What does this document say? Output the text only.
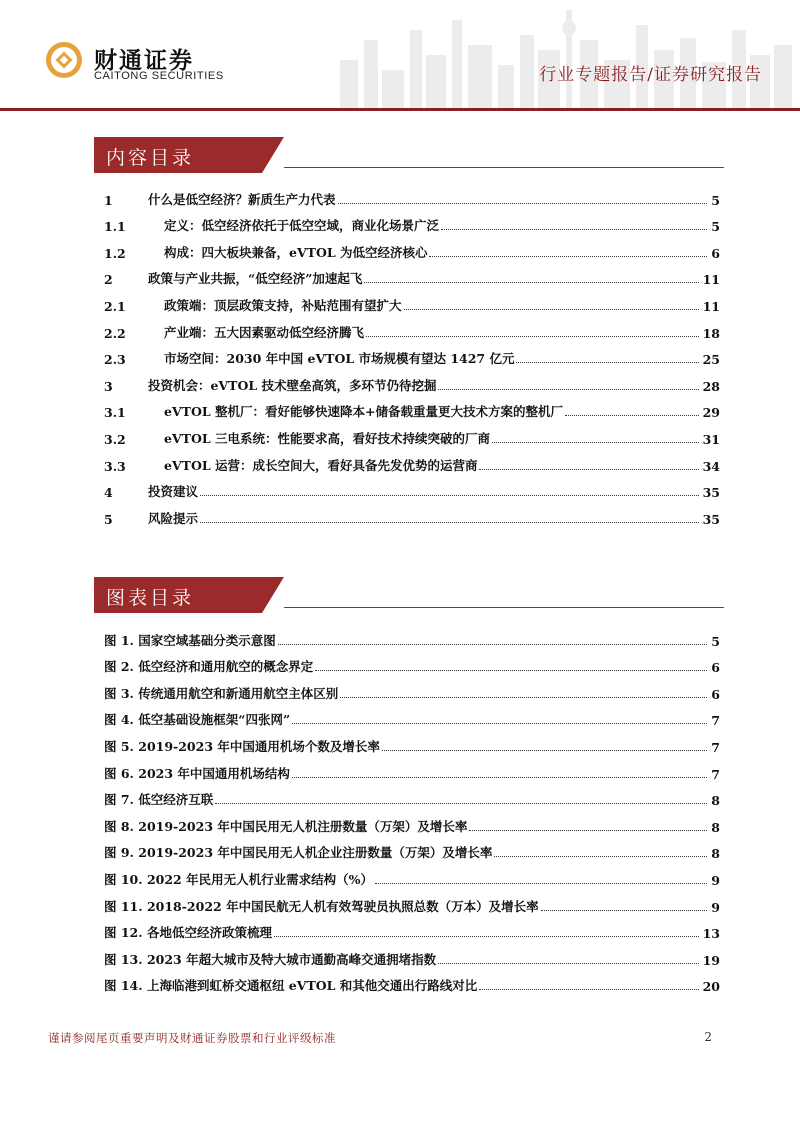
财通证券
CAITONG SECURITIES	行业专题报告/证券研究报告
内容目录
1	什么是低空经济？新质生产力代表	5
1.1	定义：低空经济依托于低空空域，商业化场景广泛	5
1.2	构成：四大板块兼备，eVTOL 为低空经济核心	6
2	政策与产业共振，“低空经济”加速起飞	11
2.1	政策端：顶层政策支持，补贴范围有望扩大	11
2.2	产业端：五大因素驱动低空经济腾飞	18
2.3	市场空间：2030 年中国 eVTOL 市场规模有望达 1427 亿元	25
3	投资机会：eVTOL 技术壁垒高筑，多环节仍待挖掘	28
3.1	eVTOL 整机厂：看好能够快速降本+储备载重量更大技术方案的整机厂	29
3.2	eVTOL 三电系统：性能要求高，看好技术持续突破的厂商	31
3.3	eVTOL 运营：成长空间大，看好具备先发优势的运营商	34
4	投资建议	35
5	风险提示	35
图表目录
图 1. 国家空域基础分类示意图	5
图 2. 低空经济和通用航空的概念界定	6
图 3. 传统通用航空和新通用航空主体区别	6
图 4. 低空基础设施框架“四张网”	7
图 5. 2019-2023 年中国通用机场个数及增长率	7
图 6. 2023 年中国通用机场结构	7
图 7. 低空经济互联	8
图 8. 2019-2023 年中国民用无人机注册数量（万架）及增长率	8
图 9. 2019-2023 年中国民用无人机企业注册数量（万架）及增长率	8
图 10. 2022 年民用无人机行业需求结构（%）	9
图 11. 2018-2022 年中国民航无人机有效驾驶员执照总数（万本）及增长率	9
图 12. 各地低空经济政策梳理	13
图 13. 2023 年超大城市及特大城市通勤高峰交通拥堵指数	19
图 14. 上海临港到虹桥交通枢纽 eVTOL 和其他交通出行路线对比	20
谨请参阅尾页重要声明及财通证券股票和行业评级标准	2
